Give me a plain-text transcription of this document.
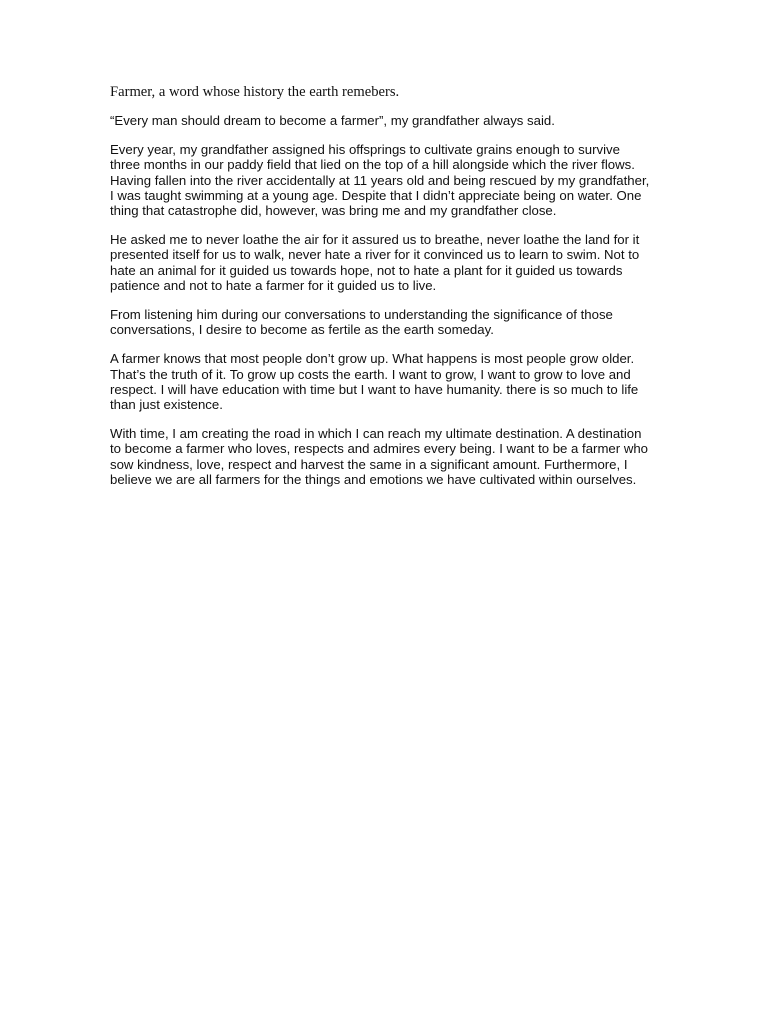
Farmer, a word whose history the earth remebers.
“Every man should dream to become a farmer”, my grandfather always said.
Every year, my grandfather assigned his offsprings to cultivate grains enough to survive
three months in our paddy field that lied on the top of a hill alongside which the river flows.
Having fallen into the river accidentally at 11 years old and being rescued by my grandfather,
I was taught swimming at a young age. Despite that I didn’t appreciate being on water. One
thing that catastrophe did, however, was bring me and my grandfather close.
He asked me to never loathe the air for it assured us to breathe, never loathe the land for it
presented itself for us to walk, never hate a river for it convinced us to learn to swim. Not to
hate an animal for it guided us towards hope, not to hate a plant for it guided us towards
patience and not to hate a farmer for it guided us to live.
From listening him during our conversations to understanding the significance of those
conversations, I desire to become as fertile as the earth someday.
A farmer knows that most people don’t grow up. What happens is most people grow older.
That’s the truth of it. To grow up costs the earth. I want to grow, I want to grow to love and
respect. I will have education with time but I want to have humanity. there is so much to life
than just existence.
With time, I am creating the road in which I can reach my ultimate destination. A destination
to become a farmer who loves, respects and admires every being. I want to be a farmer who
sow kindness, love, respect and harvest the same in a significant amount. Furthermore, I
believe we are all farmers for the things and emotions we have cultivated within ourselves.
